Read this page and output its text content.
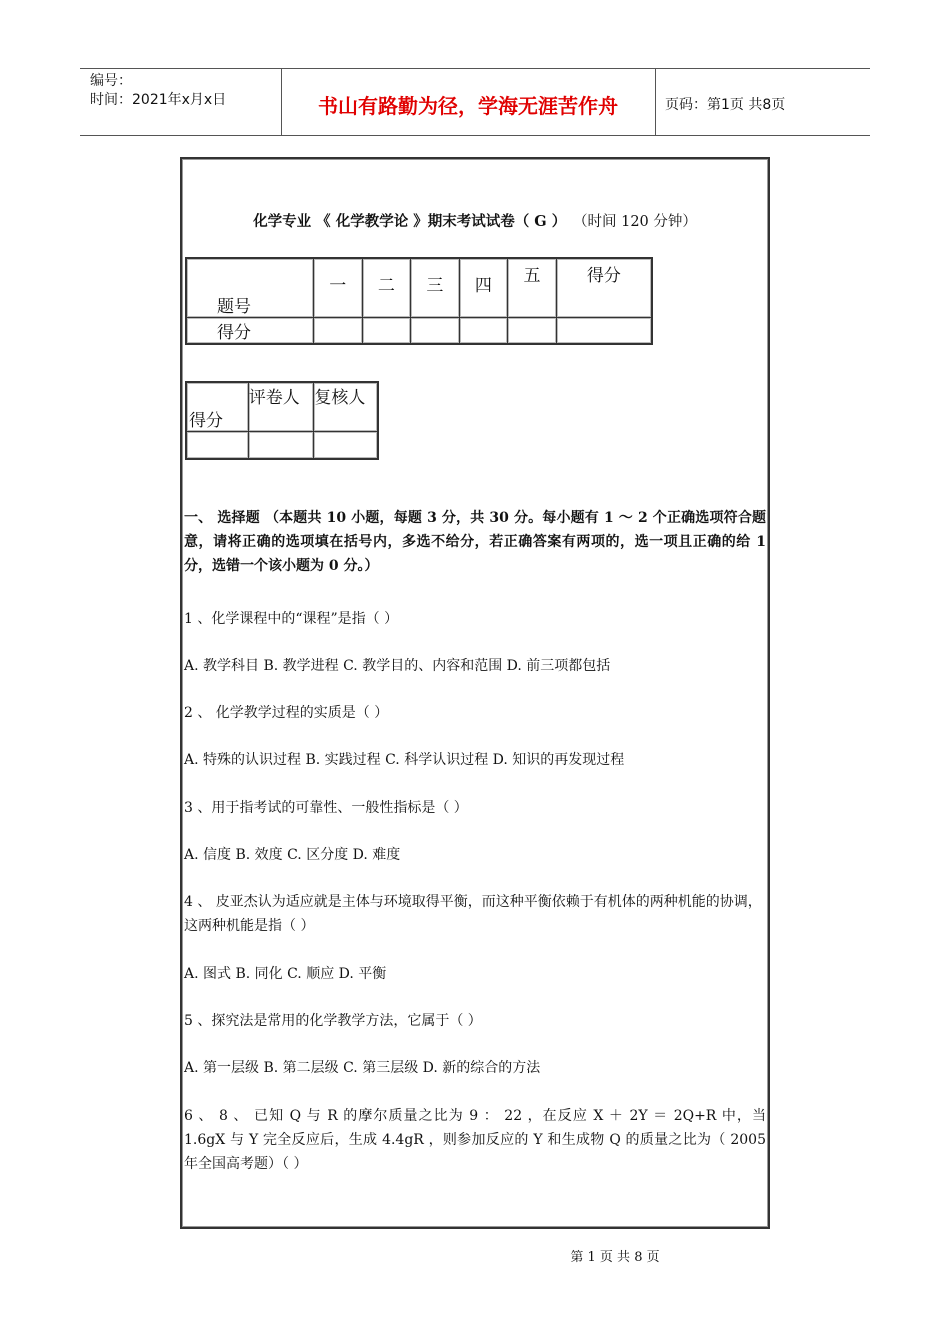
编号：
时间：2021年x月x日	书山有路勤为径，学海无涯苦作舟	页码：第1页 共8页
化学专业 《 化学教学论 》期末考试试卷（ G ） （时间 120 分钟）
题号	一	二	三	四	五	得分
得分						
得分	评卷人	复核人

一、 选择题 （本题共 10 小题，每题 3 分，共 30 分。每小题有 1 ～ 2 个正确选项符合题意，请将正确的选项填在括号内，多选不给分，若正确答案有两项的，选一项且正确的给 1 分，选错一个该小题为 0 分。）

1 、化学课程中的“课程”是指（ ）

A. 教学科目 B. 教学进程 C. 教学目的、内容和范围 D. 前三项都包括

2 、 化学教学过程的实质是（ ）

A. 特殊的认识过程 B. 实践过程 C. 科学认识过程 D. 知识的再发现过程

3 、用于指考试的可靠性、一般性指标是（ ）

A. 信度 B. 效度 C. 区分度 D. 难度

4 、 皮亚杰认为适应就是主体与环境取得平衡，而这种平衡依赖于有机体的两种机能的协调，这两种机能是指（ ）

A. 图式 B. 同化 C. 顺应 D. 平衡

5 、探究法是常用的化学教学方法，它属于（ ）

A. 第一层级 B. 第二层级 C. 第三层级 D. 新的综合的方法

6 、 8 、 已知 Q 与 R 的摩尔质量之比为 9 ： 22 ，在反应 X ＋ 2Y ＝ 2Q+R 中，当 1.6gX 与 Y 完全反应后，生成 4.4gR ，则参加反应的 Y 和生成物 Q 的质量之比为（ 2005 年全国高考题）（ ）

第 1 页 共 8 页
